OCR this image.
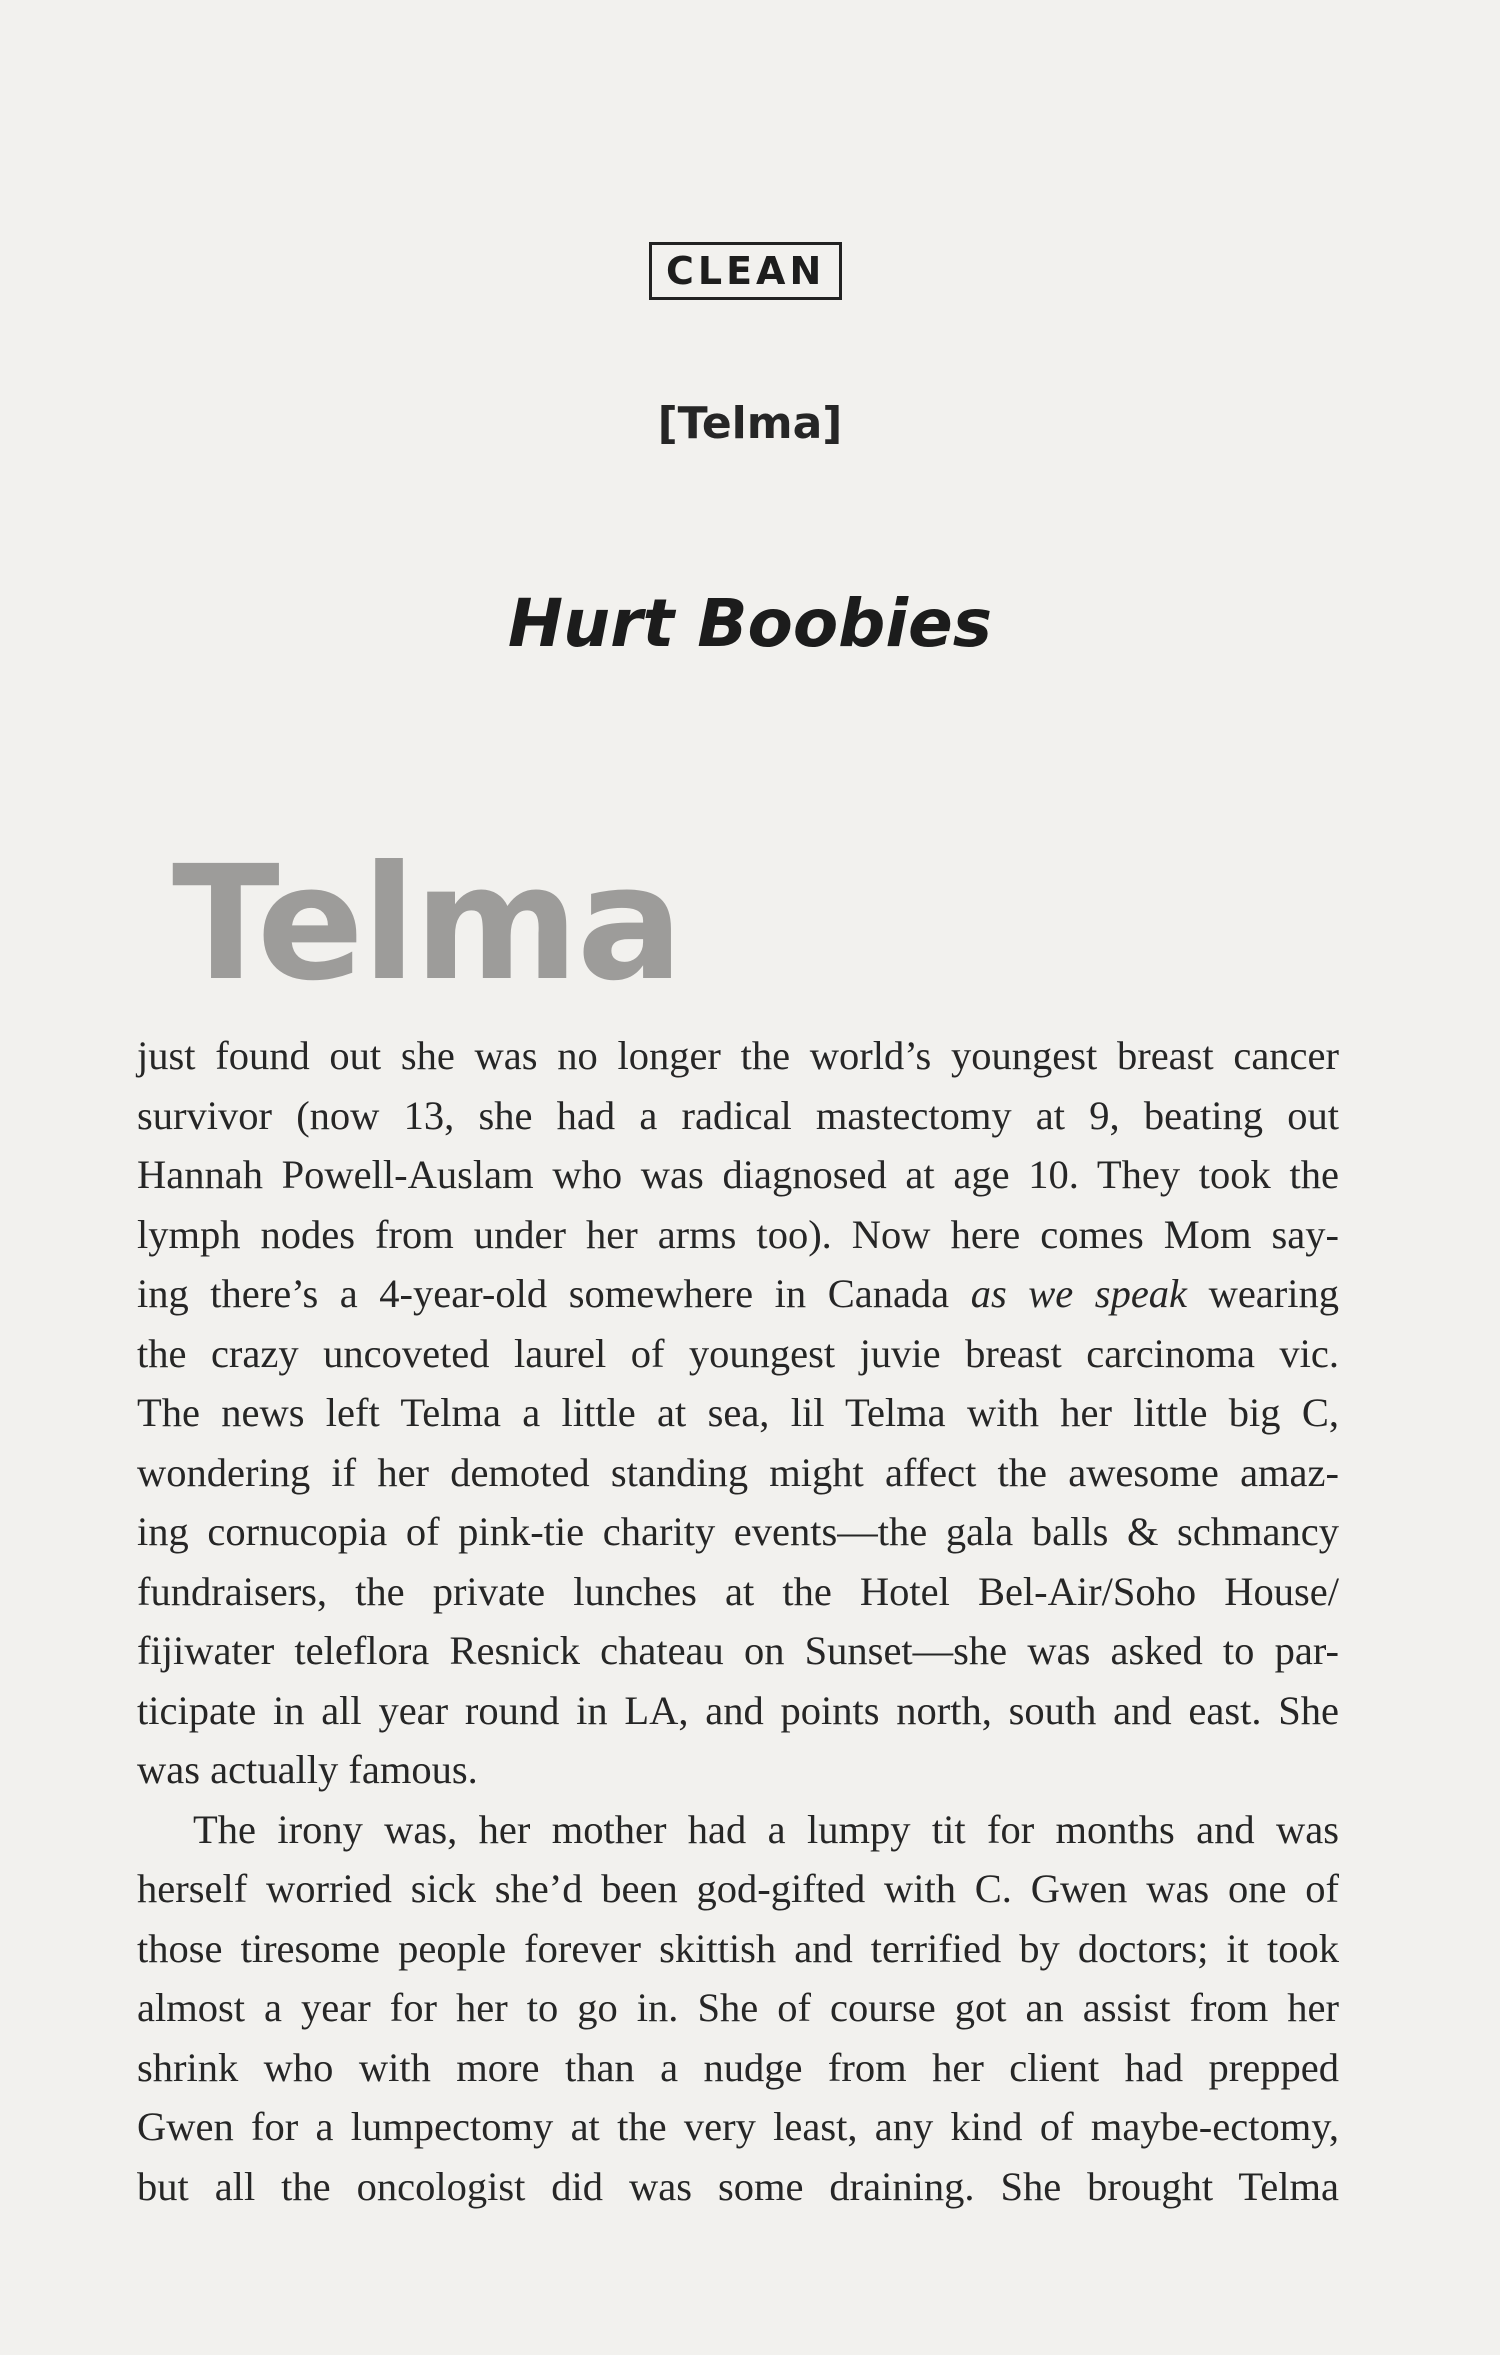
CLEAN
[Telma]
Hurt Boobies
Telma

just found out she was no longer the world’s youngest breast cancer
survivor (now 13, she had a radical mastectomy at 9, beating out
Hannah Powell-Auslam who was diagnosed at age 10. They took the
lymph nodes from under her arms too). Now here comes Mom say-
ing there’s a 4-year-old somewhere in Canada as we speak wearing
the crazy uncoveted laurel of youngest juvie breast carcinoma vic.
The news left Telma a little at sea, lil Telma with her little big C,
wondering if her demoted standing might affect the awesome amaz-
ing cornucopia of pink-tie charity events—the gala balls & schmancy
fundraisers, the private lunches at the Hotel Bel-Air/Soho House/
fijiwater teleflora Resnick chateau on Sunset—she was asked to par-
ticipate in all year round in LA, and points north, south and east. She
was actually famous.

The irony was, her mother had a lumpy tit for months and was
herself worried sick she’d been god-gifted with C. Gwen was one of
those tiresome people forever skittish and terrified by doctors; it took
almost a year for her to go in. She of course got an assist from her
shrink who with more than a nudge from her client had prepped
Gwen for a lumpectomy at the very least, any kind of maybe-ectomy,
but all the oncologist did was some draining. She brought Telma
